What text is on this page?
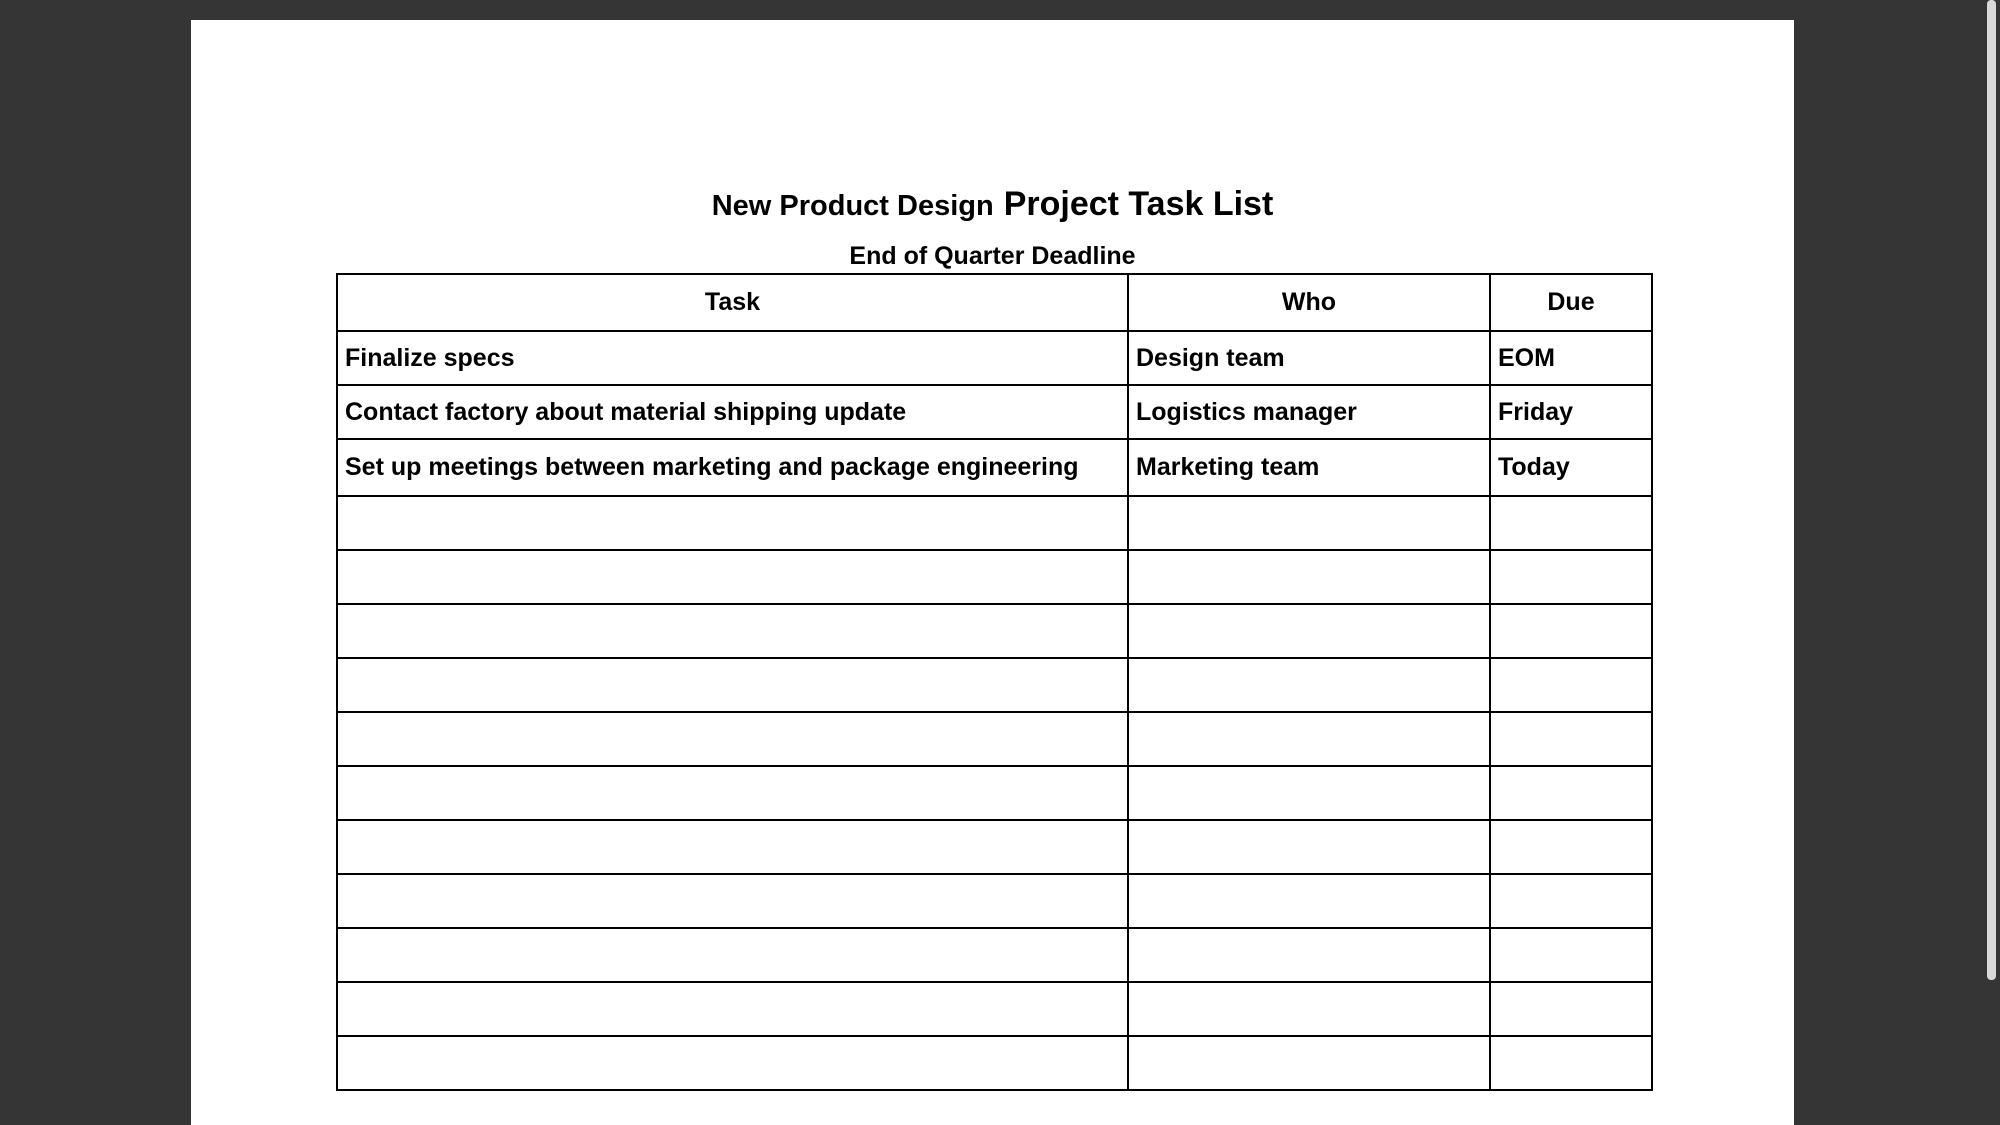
New Product Design Project Task List
End of Quarter Deadline
Task	Who	Due
Finalize specs	Design team	EOM
Contact factory about material shipping update	Logistics manager	Friday
Set up meetings between marketing and package engineering	Marketing team	Today
